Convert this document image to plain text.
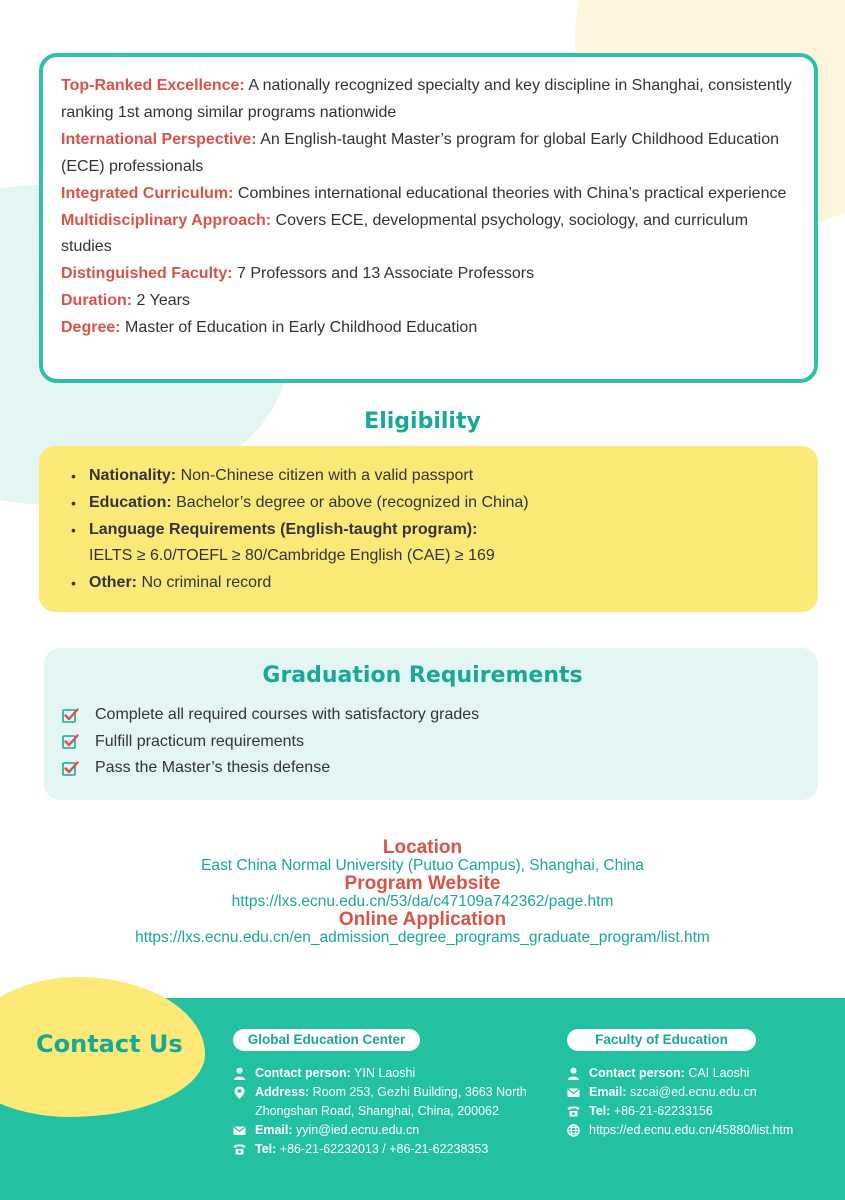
Top-Ranked Excellence: A nationally recognized specialty and key discipline in Shanghai, consistently ranking 1st among similar programs nationwide

International Perspective: An English-taught Master’s program for global Early Childhood Education (ECE) professionals

Integrated Curriculum: Combines international educational theories with China’s practical experience

Multidisciplinary Approach: Covers ECE, developmental psychology, sociology, and curriculum studies

Distinguished Faculty: 7 Professors and 13 Associate Professors

Duration: 2 Years

Degree: Master of Education in Early Childhood Education

Eligibility
• Nationality: Non-Chinese citizen with a valid passport
• Education: Bachelor’s degree or above (recognized in China)
• Language Requirements (English-taught program):
IELTS ≥ 6.0/TOEFL ≥ 80/Cambridge English (CAE) ≥ 169
• Other: No criminal record
Complete all required courses with satisfactory grades
Fulfill practicum requirements
Pass the Master’s thesis defense
Graduation Requirements
Location
East China Normal University (Putuo Campus), Shanghai, China
Program Website
https://lxs.ecnu.edu.cn/53/da/c47109a742362/page.htm
Online Application
https://lxs.ecnu.edu.cn/en_admission_degree_programs_graduate_program/list.htm
Contact Us	Global Education Center
Contact person: YIN Laoshi
Address: Room 253, Gezhi Building, 3663 North
Zhongshan Road, Shanghai, China, 200062
Email: yyin@ied.ecnu.edu.cn
Tel: +86-21-62232013 / +86-21-62238353
Faculty of Education
Contact person: CAI Laoshi
Email: szcai@ed.ecnu.edu.cn
Tel: +86-21-62233156
https://ed.ecnu.edu.cn/45880/list.htm
